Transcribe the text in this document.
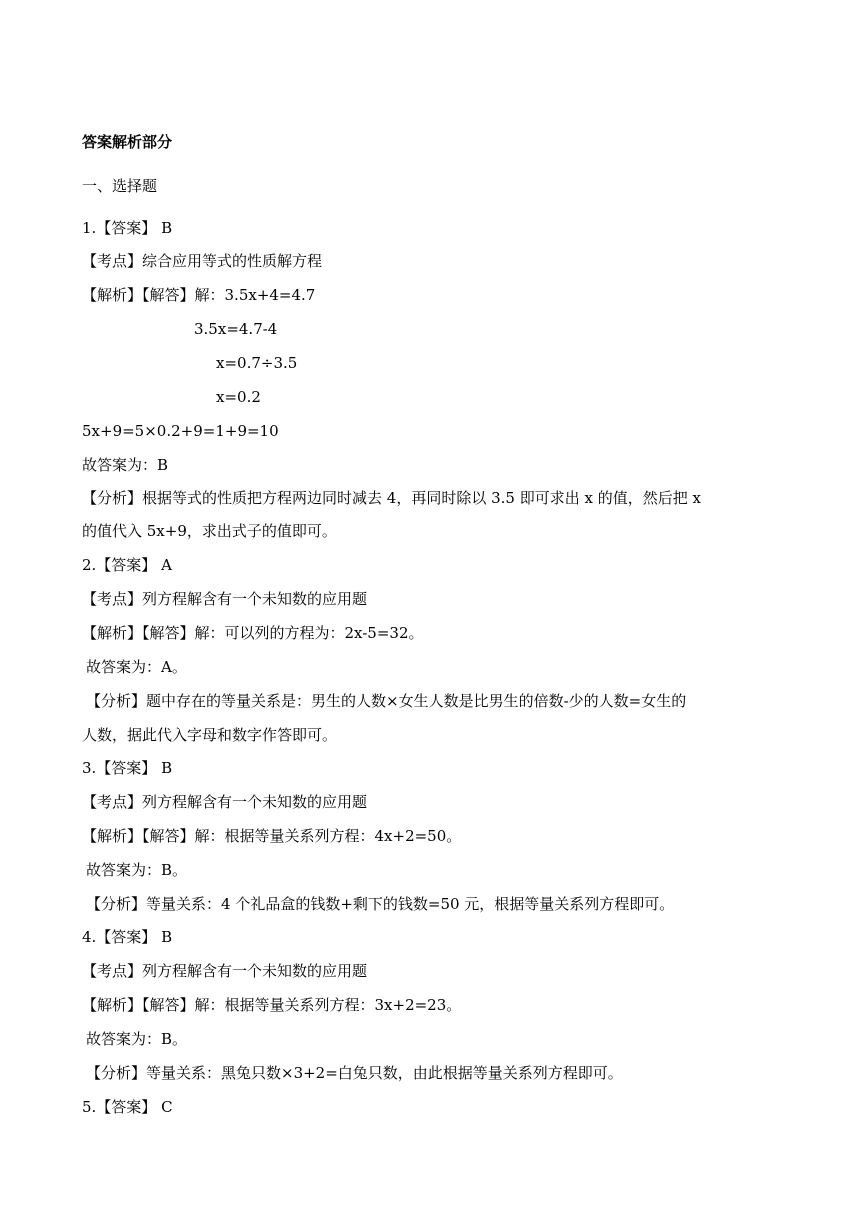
答案解析部分
一、选择题
1.【答案】 B
【考点】综合应用等式的性质解方程
【解析】【解答】解：3.5x+4=4.7
3.5x=4.7-4
x=0.7÷3.5
x=0.2
5x+9=5×0.2+9=1+9=10
故答案为：B
【分析】根据等式的性质把方程两边同时减去 4，再同时除以 3.5 即可求出 x 的值，然后把 x
的值代入 5x+9，求出式子的值即可。
2.【答案】 A
【考点】列方程解含有一个未知数的应用题
【解析】【解答】解：可以列的方程为：2x-5=32。
故答案为：A。
【分析】题中存在的等量关系是：男生的人数×女生人数是比男生的倍数-少的人数=女生的
人数，据此代入字母和数字作答即可。
3.【答案】 B
【考点】列方程解含有一个未知数的应用题
【解析】【解答】解：根据等量关系列方程：4x+2=50。
故答案为：B。
【分析】等量关系：4 个礼品盒的钱数+剩下的钱数=50 元，根据等量关系列方程即可。
4.【答案】 B
【考点】列方程解含有一个未知数的应用题
【解析】【解答】解：根据等量关系列方程：3x+2=23。
故答案为：B。
【分析】等量关系：黑兔只数×3+2=白兔只数，由此根据等量关系列方程即可。
5.【答案】 C
